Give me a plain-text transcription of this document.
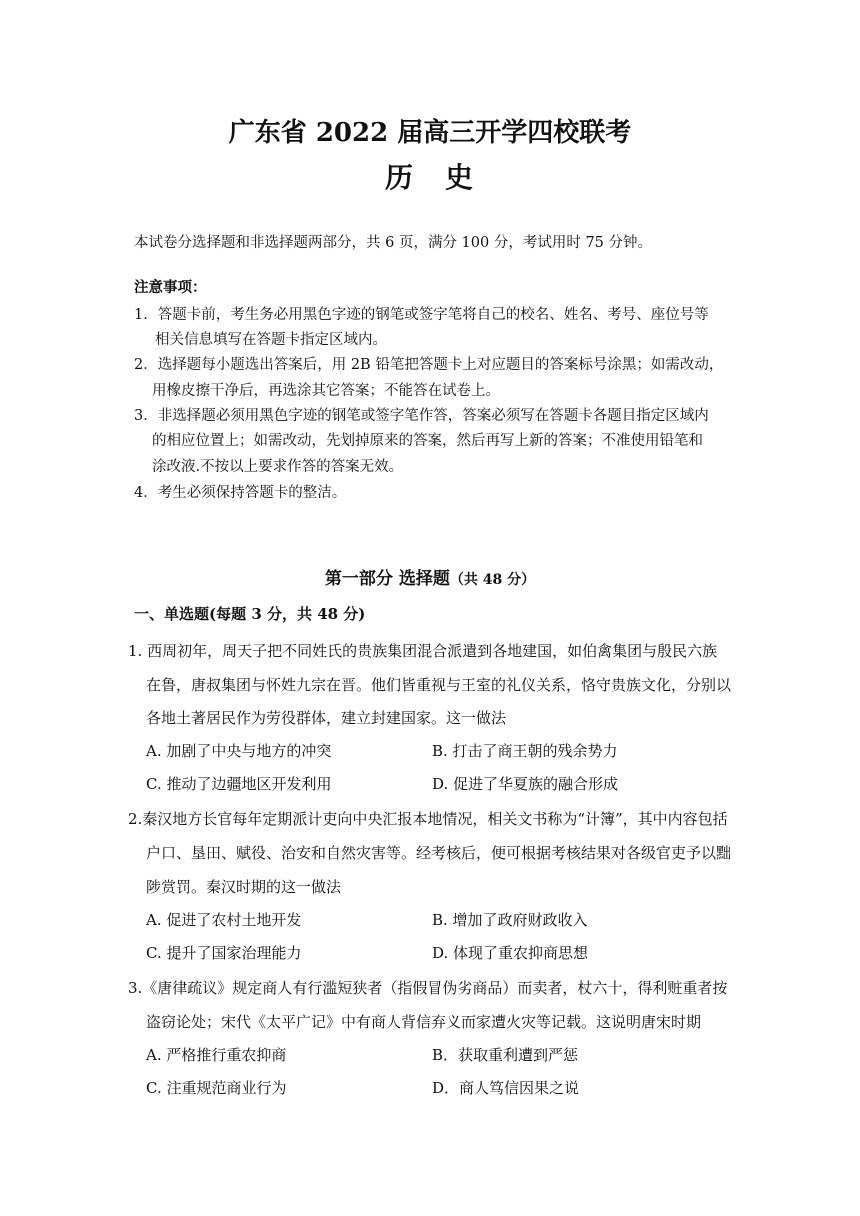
广东省 2022 届高三开学四校联考
历　史
本试卷分选择题和非选择题两部分，共 6 页，满分 100 分，考试用时 75 分钟。
注意事项：
1．答题卡前，考生务必用黑色字迹的钢笔或签字笔将自己的校名、姓名、考号、座位号等
相关信息填写在答题卡指定区域内。
2．选择题每小题选出答案后，用 2B 铅笔把答题卡上对应题目的答案标号涂黑；如需改动，
用橡皮擦干净后，再选涂其它答案；不能答在试卷上。
3．非选择题必须用黑色字迹的钢笔或签字笔作答，答案必须写在答题卡各题目指定区域内
的相应位置上；如需改动，先划掉原来的答案，然后再写上新的答案；不准使用铅笔和
涂改液.不按以上要求作答的答案无效。
4．考生必须保持答题卡的整洁。
第一部分 选择题（共 48 分）
一、单选题(每题 3 分，共 48 分)
1. 西周初年，周天子把不同姓氏的贵族集团混合派遣到各地建国，如伯禽集团与殷民六族
在鲁，唐叔集团与怀姓九宗在晋。他们皆重视与王室的礼仪关系，恪守贵族文化，分别以
各地土著居民作为劳役群体，建立封建国家。这一做法
A. 加剧了中央与地方的冲突	B. 打击了商王朝的残余势力
C. 推动了边疆地区开发利用	D. 促进了华夏族的融合形成
2.秦汉地方长官每年定期派计吏向中央汇报本地情况，相关文书称为“计簿”，其中内容包括
户口、垦田、赋役、治安和自然灾害等。经考核后，便可根据考核结果对各级官吏予以黜
陟赏罚。秦汉时期的这一做法
A. 促进了农村土地开发	B. 增加了政府财政收入
C. 提升了国家治理能力	D. 体现了重农抑商思想
3.《唐律疏议》规定商人有行滥短狭者（指假冒伪劣商品）而卖者，杖六十，得利赃重者按
盗窃论处；宋代《太平广记》中有商人背信弃义而家遭火灾等记载。这说明唐宋时期
A. 严格推行重农抑商	B．获取重利遭到严惩
C. 注重规范商业行为	D．商人笃信因果之说
